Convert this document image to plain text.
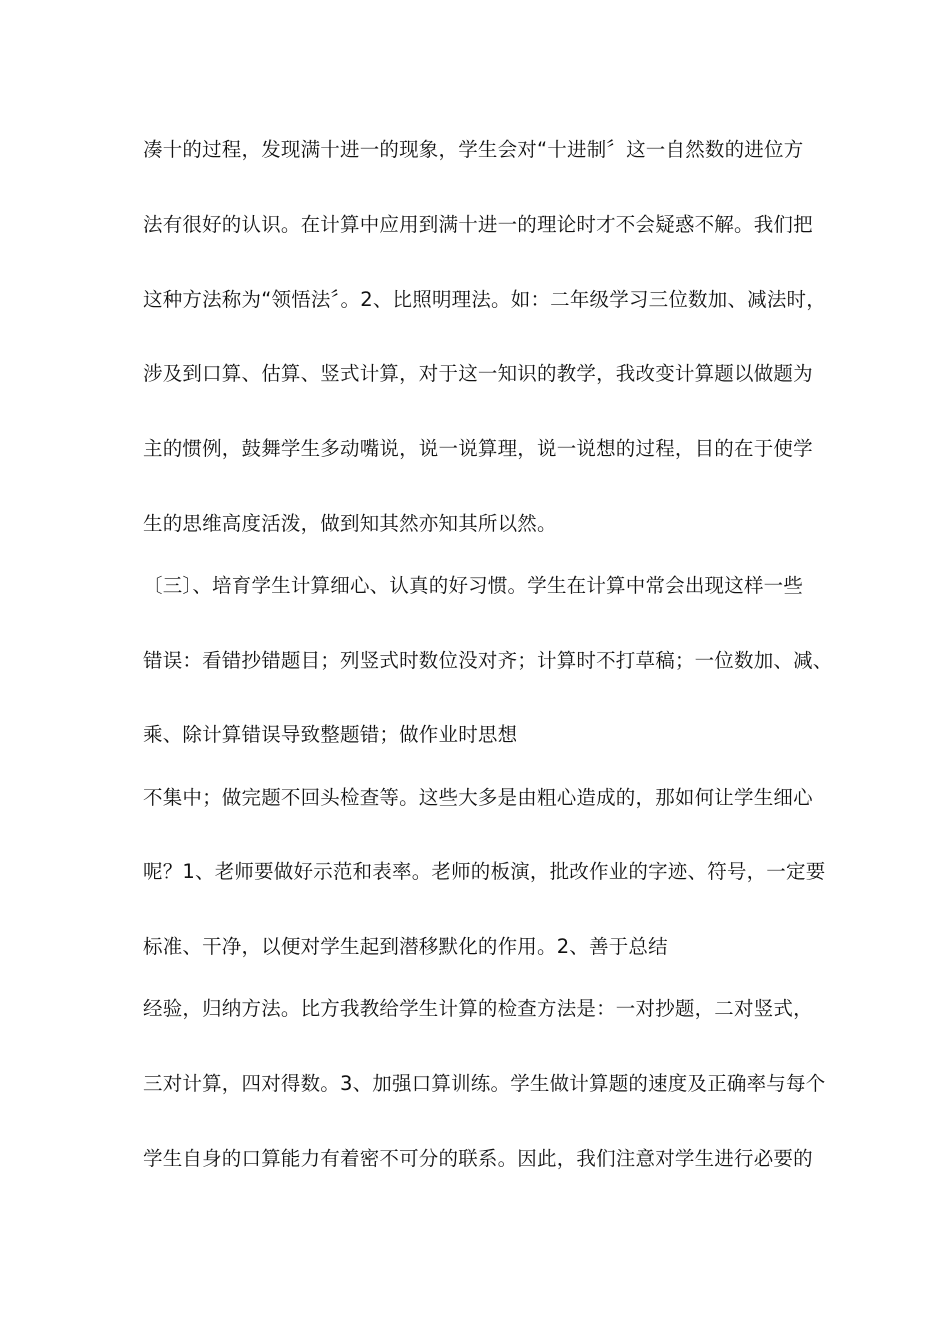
凑十的过程，发现满十进一的现象，学生会对“十进制〞这一自然数的进位方
法有很好的认识。在计算中应用到满十进一的理论时才不会疑惑不解。我们把
这种方法称为“领悟法〞。2、比照明理法。如：二年级学习三位数加、减法时，
涉及到口算、估算、竖式计算，对于这一知识的教学，我改变计算题以做题为
主的惯例，鼓舞学生多动嘴说，说一说算理，说一说想的过程，目的在于使学
生的思维高度活泼，做到知其然亦知其所以然。
〔三〕、培育学生计算细心、认真的好习惯。学生在计算中常会出现这样一些
错误：看错抄错题目；列竖式时数位没对齐；计算时不打草稿；一位数加、减、
乘、除计算错误导致整题错；做作业时思想
不集中；做完题不回头检查等。这些大多是由粗心造成的，那如何让学生细心
呢？1、老师要做好示范和表率。老师的板演，批改作业的字迹、符号，一定要
标准、干净，以便对学生起到潜移默化的作用。2、善于总结
经验，归纳方法。比方我教给学生计算的检查方法是：一对抄题，二对竖式，
三对计算，四对得数。3、加强口算训练。学生做计算题的速度及正确率与每个
学生自身的口算能力有着密不可分的联系。因此，我们注意对学生进行必要的
